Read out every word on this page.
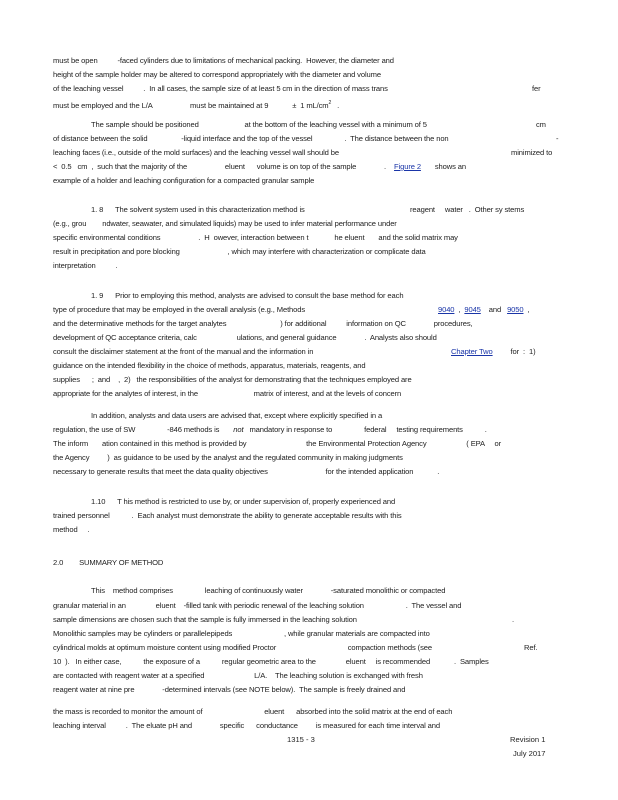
must be open          -faced cylinders due to limitations of mechanical packing.  However, the diameter and
height of the sample holder may be altered to correspond appropriately with the diameter and volume
of the leaching vessel          .  In all cases, the sample size of at least 5 cm in the direction of mass trans	fer
must be employed and the L/A                   must be maintained at 9            ±  1 $mL/cm^2$ .
The sample should be positioned                       at the bottom of the leaching vessel with a minimum of 5	cm
of distance between the solid                 -liquid interface and the top of the vessel                .  The distance between the non	-
leaching faces (i.e., outside of the mold surfaces) and the leaching vessel wall should be	minimized to
<  0.5   cm  ,  such that the majority of the                   eluent      volume is on top of the sample              . Figure 2 shows an
example of a holder and leaching configuration for a compacted granular sample
1. 8      The solvent system used in this characterization method is	reagent     water   .  Other sy stems
(e.g., grou        ndwater, seawater, and simulated liquids) may be used to infer material performance under
specific environmental conditions                   .  H  owever, interaction between t             he eluent       and the solid matrix may
result in precipitation and pore blocking                        , which may interfere with characterization or complicate data
interpretation          .
1. 9      Prior to employing this method, analysts are advised to consult the base method for each
type of procedure that may be employed in the overall analysis (e.g., Methods	9040  ,  9045 and 9050  ,
and the determinative methods for the target analytes                           ) for additional          information on QC              procedures,
development of QC acceptance criteria, calc                    ulations, and general guidance              .  Analysts also should
consult the disclaimer statement at the front of the manual and the information in	Chapter Two for  :  1)
guidance on the intended flexibility in the choice of methods, apparatus, materials, reagents, and
supplies      ;  and    ,  2)   the responsibilities of the analyst for demonstrating that the techniques employed are
appropriate for the analytes of interest, in the                            matrix of interest, and at the levels of concern
In addition, analysts and data users are advised that, except where explicitly specified in a
regulation, the use of SW                -846 methods is not mandatory in response to                federal     testing requirements           .
The inform       ation contained in this method is provided by                              the Environmental Protection Agency                    ( EPA     or
the Agency         )  as guidance to be used by the analyst and the regulated community in making judgments
necessary to generate results that meet the data quality objectives                             for the intended application            .
1.10      T his method is restricted to use by, or under supervision of, properly experienced and
trained personnel           .  Each analyst must demonstrate the ability to generate acceptable results with this
method     .
2.0        SUMMARY OF METHOD
This    method comprises                leaching of continuously water              -saturated monolithic or compacted
granular material in an               eluent    -filled tank with periodic renewal of the leaching solution                     .  The vessel and
sample dimensions are chosen such that the sample is fully immersed in the leaching solution	.
Monolithic samples may be cylinders or parallelepipeds                          , while granular materials are compacted into
cylindrical molds at optimum moisture content using modified Proctor                                    compaction methods (see	Ref.
10  ).   In either case,           the exposure of a           regular geometric area to the               eluent     is recommended            .  Samples
are contacted with reagent water at a specified                         L/A.    The leaching solution is exchanged with fresh
reagent water at nine pre              -determined intervals (see NOTE below).  The sample is freely drained and
the mass is recorded to monitor the amount of                               eluent      absorbed into the solid matrix at the end of each
leaching interval          .  The eluate pH and              specific      conductance         is measured for each time interval and
1315 - 3	Revision 1
July 2017
